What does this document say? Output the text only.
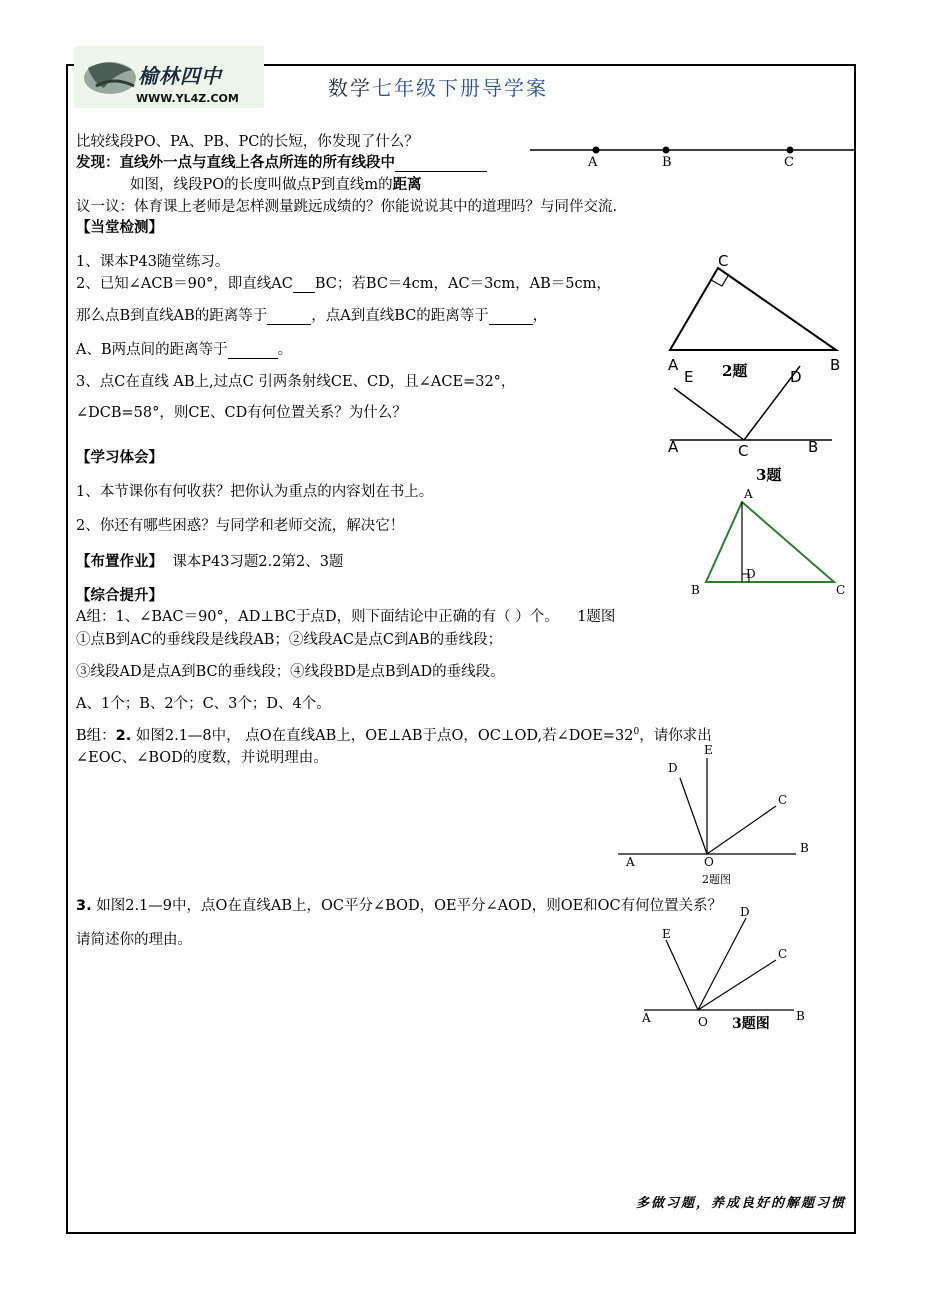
榆林四中
WWW.YL4Z.COM	数学七年级下册导学案
比较线段PO、PA、PB、PC的长短，你发现了什么？
发现：直线外一点与直线上各点所连的所有线段中
如图，线段PO的长度叫做点P到直线m的距离
议一议：体育课上老师是怎样测量跳远成绩的？你能说说其中的道理吗？与同伴交流.
A	B	C
【当堂检测】
1、课本P43随堂练习。
2、已知∠ACB＝90°，即直线AC BC；若BC＝4cm，AC＝3cm，AB＝5cm，
那么点B到直线AB的距离等于	，点A到直线BC的距离等于	，
A、B两点间的距离等于	。
3、点C在直线 AB上,过点C 引两条射线CE、CD，且∠ACE=32°，
∠DCB=58°，则CE、CD有何位置关系？为什么？
C
A	B
2题
E	D
A	C	B
3题
【学习体会】
1、本节课你有何收获？把你认为重点的内容划在书上。
2、你还有哪些困惑？与同学和老师交流，解决它！
【布置作业】 课本P43习题2.2第2、3题
A
B	C
D
【综合提升】
A组：1、∠BAC＝90°，AD⊥BC于点D，则下面结论中正确的有（ ）个。 1题图
①点B到AC的垂线段是线段AB；②线段AC是点C到AB的垂线段；
③线段AD是点A到BC的垂线段；④线段BD是点B到AD的垂线段。
A、1个；B、2个；C、3个；D、4个。
B组：2. 如图2.1—8中， 点O在直线AB上，OE⊥AB于点O，OC⊥OD,若$\angle DOE=32^0$，请你求出
∠EOC、∠BOD的度数，并说明理由。	E
D
C
A	O
B
2题图
3. 如图2.1—9中，点O在直线AB上，OC平分∠BOD，OE平分∠AOD，则OE和OC有何位置关系？
请简述你的理由。	E
D
C
A	O 3题图 B
多做习题，养成良好的解题习惯
